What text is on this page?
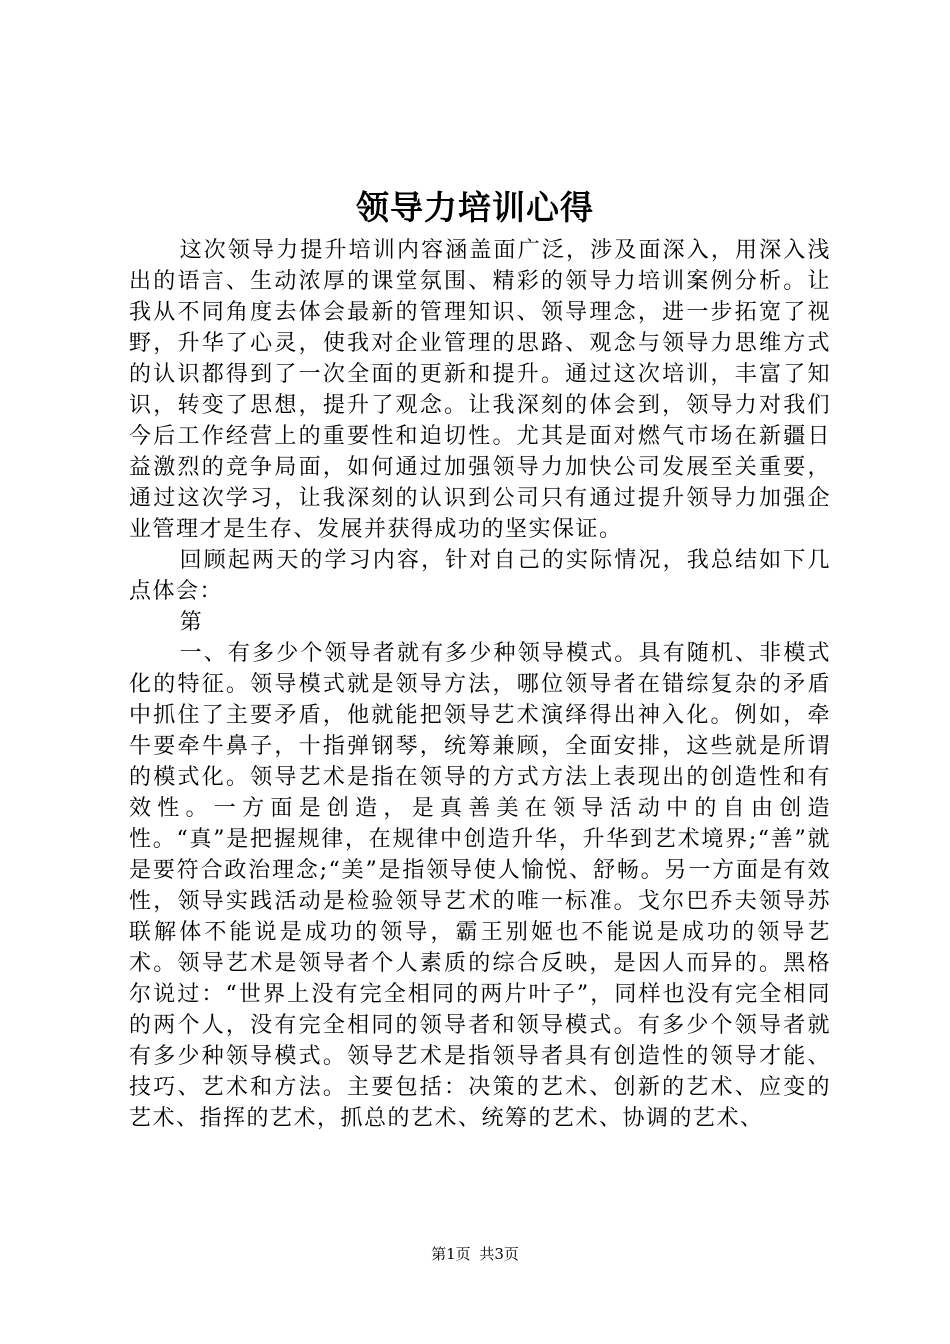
领导力培训心得

这次领导力提升培训内容涵盖面广泛，涉及面深入，用深入浅出的语言、生动浓厚的课堂氛围、精彩的领导力培训案例分析。让我从不同角度去体会最新的管理知识、领导理念，进一步拓宽了视野，升华了心灵，使我对企业管理的思路、观念与领导力思维方式的认识都得到了一次全面的更新和提升。通过这次培训，丰富了知识，转变了思想，提升了观念。让我深刻的体会到，领导力对我们今后工作经营上的重要性和迫切性。尤其是面对燃气市场在新疆日益激烈的竞争局面，如何通过加强领导力加快公司发展至关重要，通过这次学习，让我深刻的认识到公司只有通过提升领导力加强企业管理才是生存、发展并获得成功的坚实保证。

回顾起两天的学习内容，针对自己的实际情况，我总结如下几点体会：

第

一、有多少个领导者就有多少种领导模式。具有随机、非模式化的特征。领导模式就是领导方法，哪位领导者在错综复杂的矛盾中抓住了主要矛盾，他就能把领导艺术演绎得出神入化。例如，牵牛要牵牛鼻子，十指弹钢琴，统筹兼顾，全面安排，这些就是所谓的模式化。领导艺术是指在领导的方式方法上表现出的创造性和有效性。一方面是创造，是真善美在领导活动中的自由创造性。“真”是把握规律，在规律中创造升华，升华到艺术境界;“善”就是要符合政治理念;“美”是指领导使人愉悦、舒畅。另一方面是有效性，领导实践活动是检验领导艺术的唯一标准。戈尔巴乔夫领导苏联解体不能说是成功的领导，霸王别姬也不能说是成功的领导艺术。领导艺术是领导者个人素质的综合反映，是因人而异的。黑格尔说过：“世界上没有完全相同的两片叶子”，同样也没有完全相同的两个人，没有完全相同的领导者和领导模式。有多少个领导者就有多少种领导模式。领导艺术是指领导者具有创造性的领导才能、技巧、艺术和方法。主要包括：决策的艺术、创新的艺术、应变的艺术、指挥的艺术，抓总的艺术、统筹的艺术、协调的艺术、

第1页 共3页
